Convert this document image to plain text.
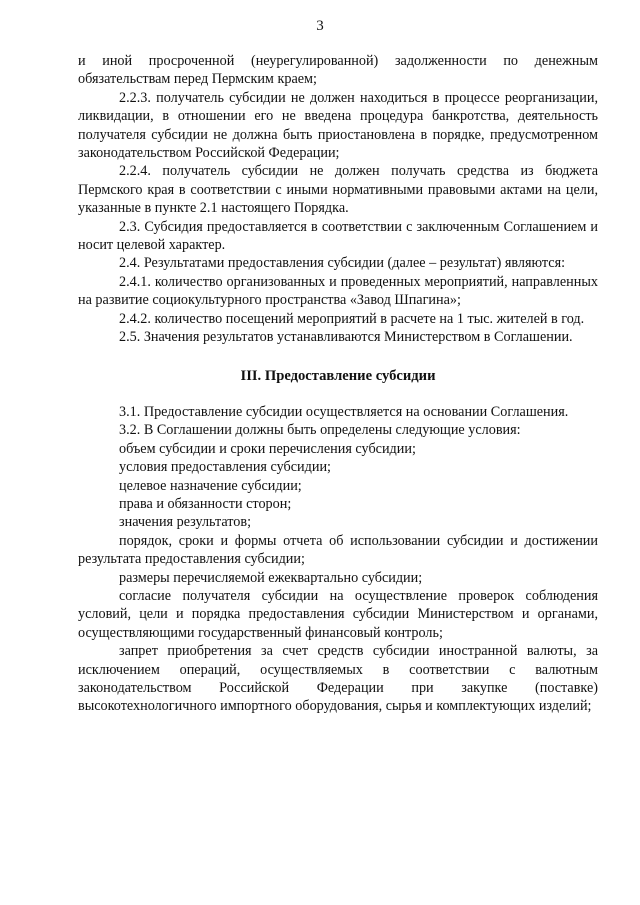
3

и иной просроченной (неурегулированной) задолженности по денежным обязательствам перед Пермским краем;

2.2.3. получатель субсидии не должен находиться в процессе реорганизации, ликвидации, в отношении его не введена процедура банкротства, деятельность получателя субсидии не должна быть приостановлена в порядке, предусмотренном законодательством Российской Федерации;

2.2.4. получатель субсидии не должен получать средства из бюджета Пермского края в соответствии с иными нормативными правовыми актами на цели, указанные в пункте 2.1 настоящего Порядка.

2.3. Субсидия предоставляется в соответствии с заключенным Соглашением и носит целевой характер.

2.4. Результатами предоставления субсидии (далее – результат) являются:

2.4.1. количество организованных и проведенных мероприятий, направленных на развитие социокультурного пространства «Завод Шпагина»;

2.4.2. количество посещений мероприятий в расчете на 1 тыс. жителей в год.

2.5. Значения результатов устанавливаются Министерством в Соглашении.

III. Предоставление субсидии

3.1. Предоставление субсидии осуществляется на основании Соглашения.

3.2. В Соглашении должны быть определены следующие условия:

объем субсидии и сроки перечисления субсидии;

условия предоставления субсидии;

целевое назначение субсидии;

права и обязанности сторон;

значения результатов;

порядок, сроки и формы отчета об использовании субсидии и достижении результата предоставления субсидии;

размеры перечисляемой ежеквартально субсидии;

согласие получателя субсидии на осуществление проверок соблюдения условий, цели и порядка предоставления субсидии Министерством и органами, осуществляющими государственный финансовый контроль;

запрет приобретения за счет средств субсидии иностранной валюты, за исключением операций, осуществляемых в соответствии с валютным законодательством Российской Федерации при закупке (поставке) высокотехнологичного импортного оборудования, сырья и комплектующих изделий;
